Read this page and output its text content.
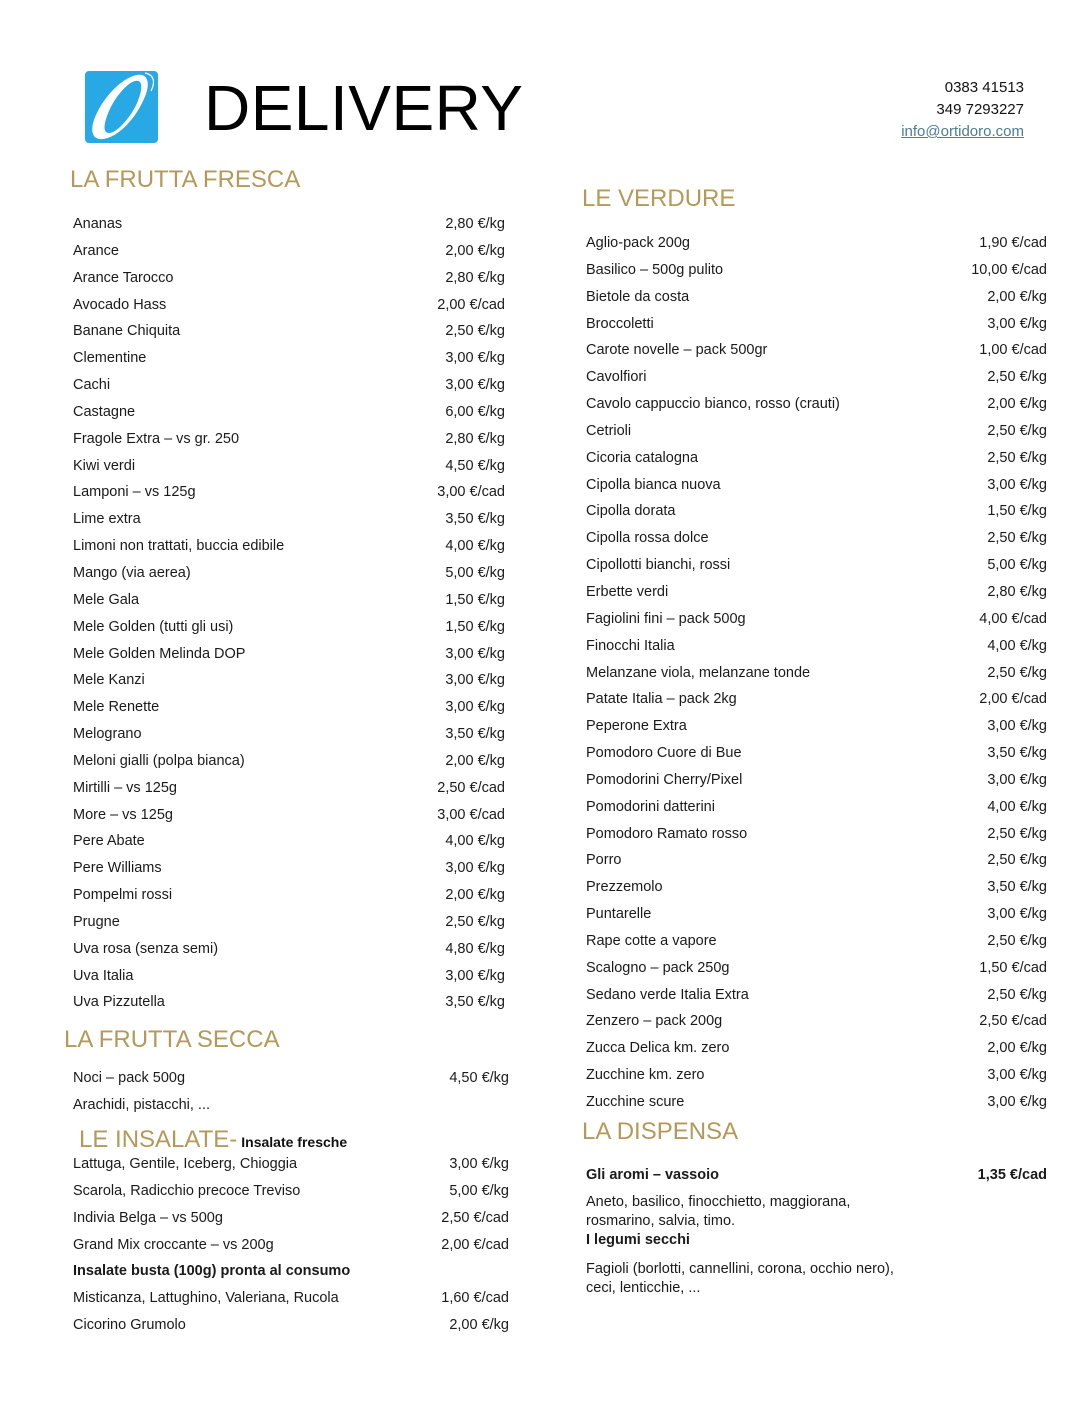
DELIVERY	0383 41513
349 7293227
info@ortidoro.com
LA FRUTTA FRESCA
Ananas	2,80 €/kg
Arance	2,00 €/kg
Arance Tarocco	2,80 €/kg
Avocado Hass	2,00 €/cad
Banane Chiquita	2,50 €/kg
Clementine	3,00 €/kg
Cachi	3,00 €/kg
Castagne	6,00 €/kg
Fragole Extra – vs gr. 250	2,80 €/kg
Kiwi verdi	4,50 €/kg
Lamponi – vs 125g	3,00 €/cad
Lime extra	3,50 €/kg
Limoni non trattati, buccia edibile	4,00 €/kg
Mango (via aerea)	5,00 €/kg
Mele Gala	1,50 €/kg
Mele Golden (tutti gli usi)	1,50 €/kg
Mele Golden Melinda DOP	3,00 €/kg
Mele Kanzi	3,00 €/kg
Mele Renette	3,00 €/kg
Melograno	3,50 €/kg
Meloni gialli (polpa bianca)	2,00 €/kg
Mirtilli – vs 125g	2,50 €/cad
More – vs 125g	3,00 €/cad
Pere Abate	4,00 €/kg
Pere Williams	3,00 €/kg
Pompelmi rossi	2,00 €/kg
Prugne	2,50 €/kg
Uva rosa (senza semi)	4,80 €/kg
Uva Italia	3,00 €/kg
Uva Pizzutella	3,50 €/kg
LA FRUTTA SECCA
Noci – pack 500g	4,50 €/kg
Arachidi, pistacchi, ...
LE INSALATE- Insalate fresche
Lattuga, Gentile, Iceberg, Chioggia	3,00 €/kg
Scarola, Radicchio precoce Treviso	5,00 €/kg
Indivia Belga – vs 500g	2,50 €/cad
Grand Mix croccante – vs 200g	2,00 €/cad
Insalate busta (100g) pronta al consumo
Misticanza, Lattughino, Valeriana, Rucola	1,60 €/cad
Cicorino Grumolo	2,00 €/kg
LE VERDURE
Aglio-pack 200g	1,90 €/cad
Basilico – 500g pulito	10,00 €/cad
Bietole da costa	2,00 €/kg
Broccoletti	3,00 €/kg
Carote novelle – pack 500gr	1,00 €/cad
Cavolfiori	2,50 €/kg
Cavolo cappuccio bianco, rosso (crauti)	2,00 €/kg
Cetrioli	2,50 €/kg
Cicoria catalogna	2,50 €/kg
Cipolla bianca nuova	3,00 €/kg
Cipolla dorata	1,50 €/kg
Cipolla rossa dolce	2,50 €/kg
Cipollotti bianchi, rossi	5,00 €/kg
Erbette verdi	2,80 €/kg
Fagiolini fini – pack 500g	4,00 €/cad
Finocchi Italia	4,00 €/kg
Melanzane viola, melanzane tonde	2,50 €/kg
Patate Italia – pack 2kg	2,00 €/cad
Peperone Extra	3,00 €/kg
Pomodoro Cuore di Bue	3,50 €/kg
Pomodorini Cherry/Pixel	3,00 €/kg
Pomodorini datterini	4,00 €/kg
Pomodoro Ramato rosso	2,50 €/kg
Porro	2,50 €/kg
Prezzemolo	3,50 €/kg
Puntarelle	3,00 €/kg
Rape cotte a vapore	2,50 €/kg
Scalogno – pack 250g	1,50 €/cad
Sedano verde Italia Extra	2,50 €/kg
Zenzero – pack 200g	2,50 €/cad
Zucca Delica km. zero	2,00 €/kg
Zucchine km. zero	3,00 €/kg
Zucchine scure	3,00 €/kg
LA DISPENSA
Gli aromi – vassoio	1,35 €/cad
Aneto, basilico, finocchietto, maggiorana,
rosmarino, salvia, timo.
I legumi secchi
Fagioli (borlotti, cannellini, corona, occhio nero),
ceci, lenticchie, ...
